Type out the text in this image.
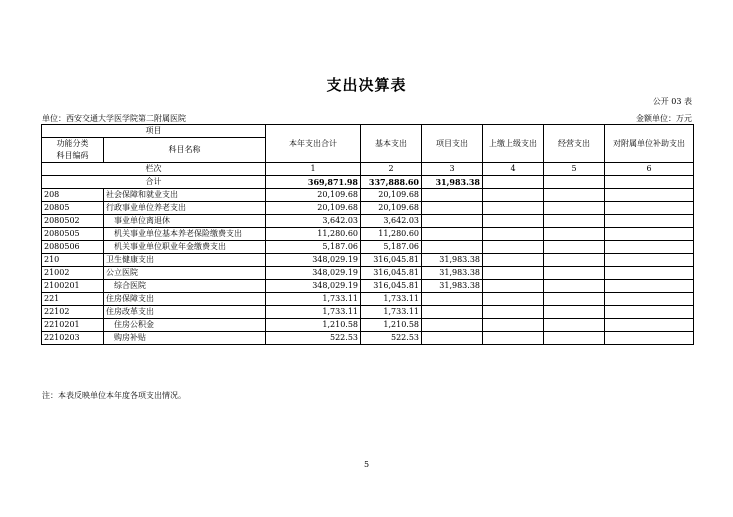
支出决算表
公开 03 表
单位：西安交通大学医学院第二附属医院	金额单位：万元
项目		本年支出合计	基本支出	项目支出	上缴上级支出	经营支出	对附属单位补助支出
功能分类
科目编码	科目名称						
栏次		1	2	3	4	5	6
合计		369,871.98	337,888.60	31,983.38			
208	社会保障和就业支出	20,109.68	20,109.68				
20805	行政事业单位养老支出	20,109.68	20,109.68				
2080502	事业单位离退休	3,642.03	3,642.03				
2080505	机关事业单位基本养老保险缴费支出	11,280.60	11,280.60				
2080506	机关事业单位职业年金缴费支出	5,187.06	5,187.06				
210	卫生健康支出	348,029.19	316,045.81	31,983.38			
21002	公立医院	348,029.19	316,045.81	31,983.38			
2100201	综合医院	348,029.19	316,045.81	31,983.38			
221	住房保障支出	1,733.11	1,733.11				
22102	住房改革支出	1,733.11	1,733.11				
2210201	住房公积金	1,210.58	1,210.58				
2210203	购房补贴	522.53	522.53				
注：本表反映单位本年度各项支出情况。
5
